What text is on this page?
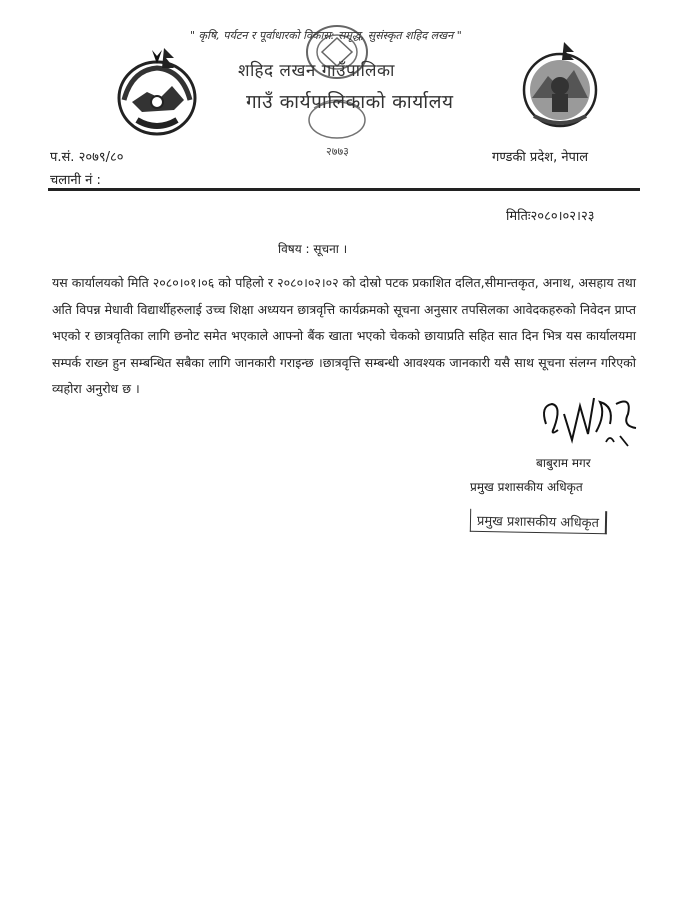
" कृषि, पर्यटन र पूर्वाधारको विकास: समृद्ध, सुसंस्कृत शहिद लखन "
शहिद लखन गाउँपालिका
गाउँ कार्यपालिकाको कार्यालय
प.सं. २०७९/८०
चलानी नं :
२७७३	गण्डकी प्रदेश, नेपाल
मितिः२०८०।०२।२३
विषय : सूचना ।
यस कार्यालयको मिति २०८०।०१।०६ को पहिलो र २०८०।०२।०२ को दोस्रो पटक प्रकाशित दलित,सीमान्तकृत, अनाथ, असहाय तथा अति विपन्न मेधावी विद्यार्थीहरुलाई उच्च शिक्षा अध्ययन छात्रवृत्ति कार्यक्रमको सूचना अनुसार तपसिलका आवेदकहरुको निवेदन प्राप्त भएको र छात्रवृतिका लागि छनोट समेत भएकाले आफ्नो बैंक खाता भएको चेकको छायाप्रति सहित सात दिन भित्र यस कार्यालयमा सम्पर्क राख्न हुन सम्बन्धित सबैका लागि जानकारी गराइन्छ ।छात्रवृत्ति सम्बन्धी आवश्यक जानकारी यसै साथ सूचना संलग्न गरिएको व्यहोरा अनुरोध छ ।
बाबुराम मगर
प्रमुख प्रशासकीय अधिकृत
प्रमुख प्रशासकीय अधिकृत
